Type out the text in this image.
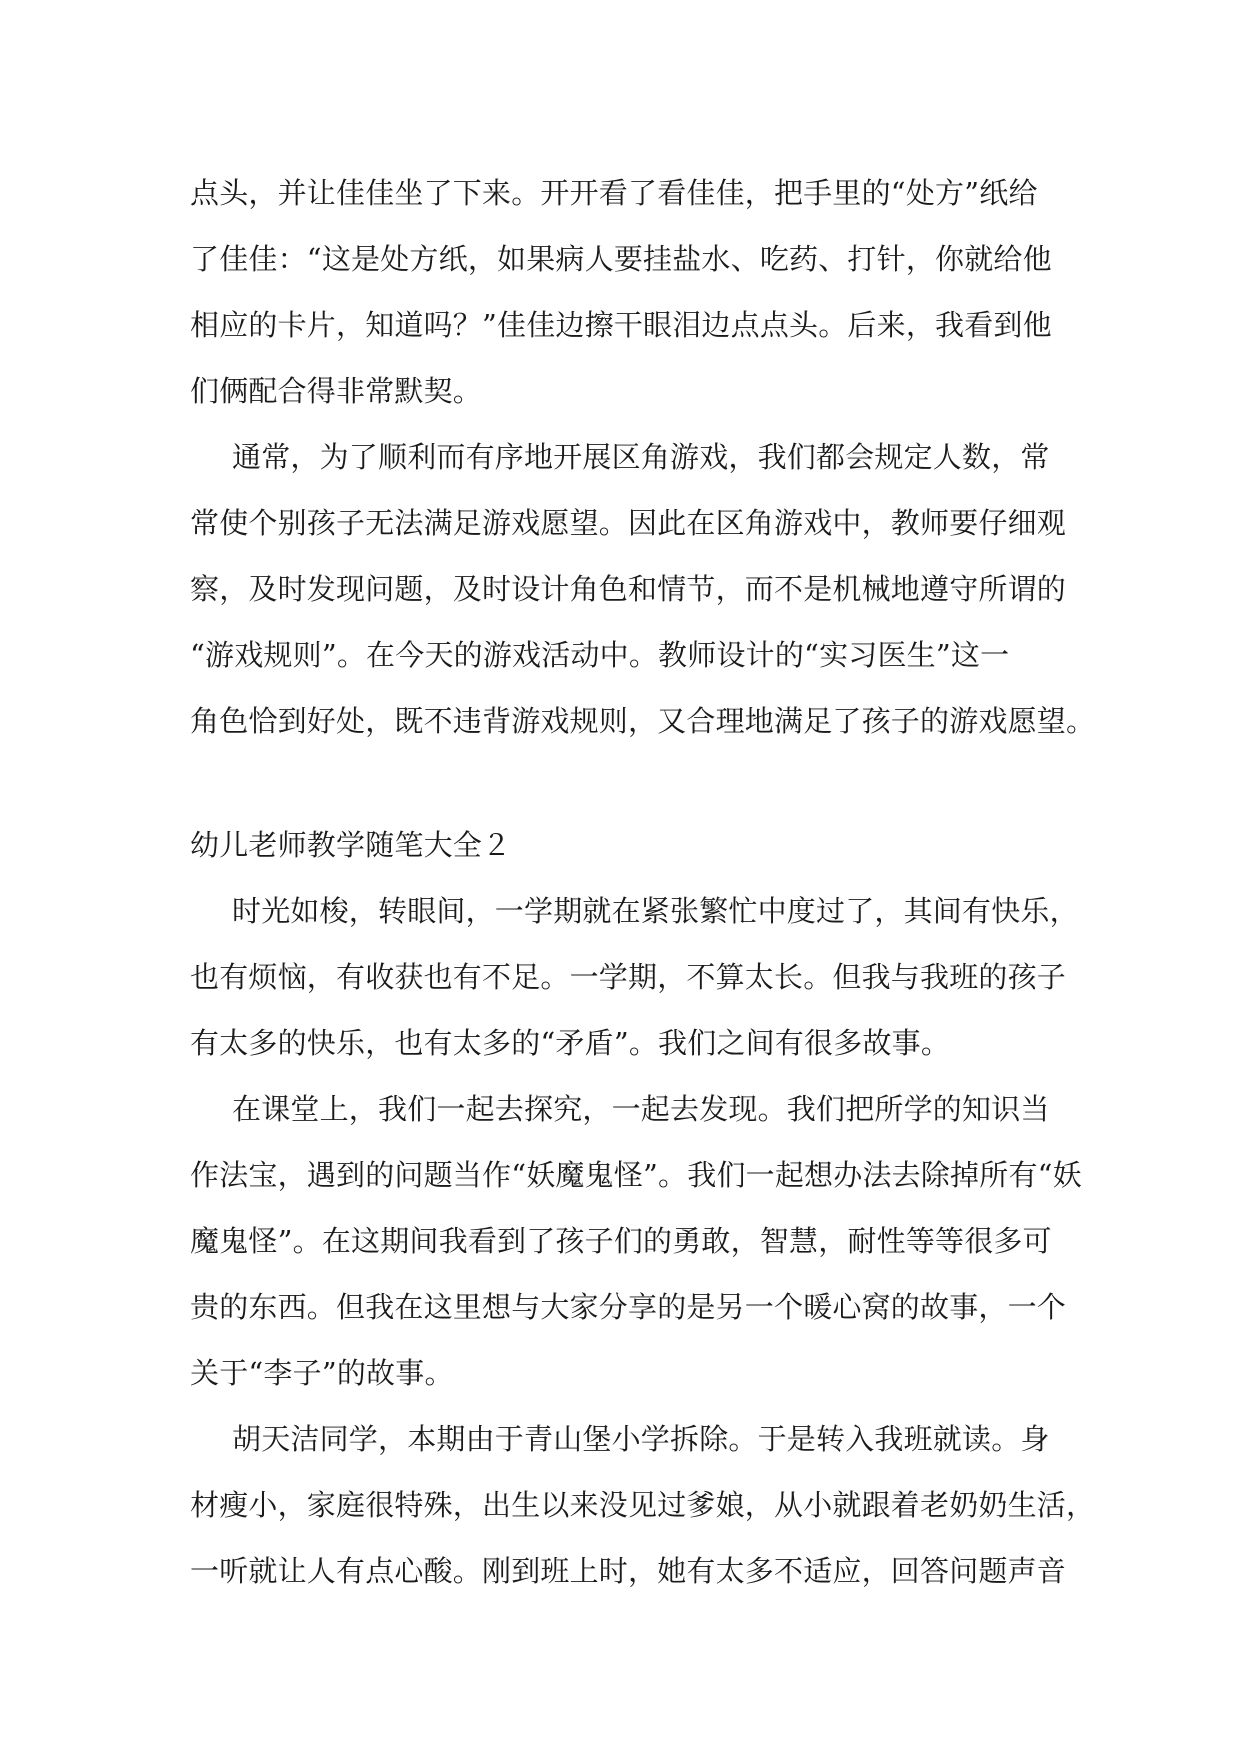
点头，并让佳佳坐了下来。开开看了看佳佳，把手里的“处方”纸给
了佳佳：“这是处方纸，如果病人要挂盐水、吃药、打针，你就给他
相应的卡片，知道吗？”佳佳边擦干眼泪边点点头。后来，我看到他
们俩配合得非常默契。
通常，为了顺利而有序地开展区角游戏，我们都会规定人数，常
常使个别孩子无法满足游戏愿望。因此在区角游戏中，教师要仔细观
察，及时发现问题，及时设计角色和情节，而不是机械地遵守所谓的
“游戏规则”。在今天的游戏活动中。教师设计的“实习医生”这一
角色恰到好处，既不违背游戏规则，又合理地满足了孩子的游戏愿望。
幼儿老师教学随笔大全２
时光如梭，转眼间，一学期就在紧张繁忙中度过了，其间有快乐，
也有烦恼，有收获也有不足。一学期，不算太长。但我与我班的孩子
有太多的快乐，也有太多的“矛盾”。我们之间有很多故事。
在课堂上，我们一起去探究，一起去发现。我们把所学的知识当
作法宝，遇到的问题当作“妖魔鬼怪”。我们一起想办法去除掉所有“妖
魔鬼怪”。在这期间我看到了孩子们的勇敢，智慧，耐性等等很多可
贵的东西。但我在这里想与大家分享的是另一个暖心窝的故事，一个
关于“李子”的故事。
胡天洁同学，本期由于青山堡小学拆除。于是转入我班就读。身
材瘦小，家庭很特殊，出生以来没见过爹娘，从小就跟着老奶奶生活，
一听就让人有点心酸。刚到班上时，她有太多不适应，回答问题声音
